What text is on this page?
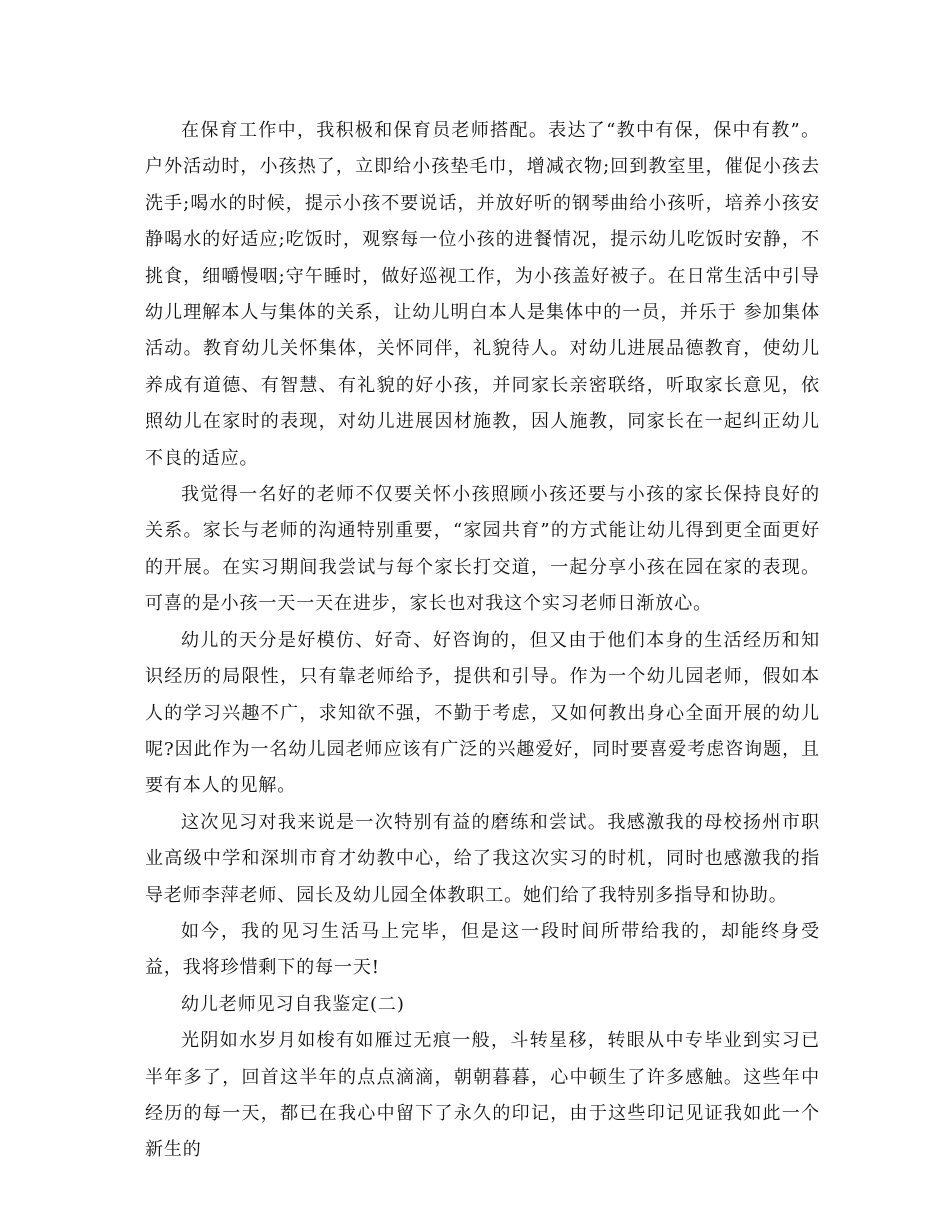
在保育工作中，我积极和保育员老师搭配。表达了“教中有保，保中有教”。户外活动时，小孩热了，立即给小孩垫毛巾，增减衣物;回到教室里，催促小孩去洗手;喝水的时候，提示小孩不要说话，并放好听的钢琴曲给小孩听，培养小孩安静喝水的好适应;吃饭时，观察每一位小孩的进餐情况，提示幼儿吃饭时安静，不挑食，细嚼慢咽;守午睡时，做好巡视工作，为小孩盖好被子。在日常生活中引导幼儿理解本人与集体的关系，让幼儿明白本人是集体中的一员，并乐于 参加集体活动。教育幼儿关怀集体，关怀同伴，礼貌待人。对幼儿进展品德教育，使幼儿养成有道德、有智慧、有礼貌的好小孩，并同家长亲密联络，听取家长意见，依照幼儿在家时的表现，对幼儿进展因材施教，因人施教，同家长在一起纠正幼儿不良的适应。

我觉得一名好的老师不仅要关怀小孩照顾小孩还要与小孩的家长保持良好的关系。家长与老师的沟通特别重要，“家园共育”的方式能让幼儿得到更全面更好的开展。在实习期间我尝试与每个家长打交道，一起分享小孩在园在家的表现。可喜的是小孩一天一天在进步，家长也对我这个实习老师日渐放心。

幼儿的天分是好模仿、好奇、好咨询的，但又由于他们本身的生活经历和知识经历的局限性，只有靠老师给予，提供和引导。作为一个幼儿园老师，假如本人的学习兴趣不广，求知欲不强，不勤于考虑，又如何教出身心全面开展的幼儿呢?因此作为一名幼儿园老师应该有广泛的兴趣爱好，同时要喜爱考虑咨询题，且要有本人的见解。

这次见习对我来说是一次特别有益的磨练和尝试。我感激我的母校扬州市职业高级中学和深圳市育才幼教中心，给了我这次实习的时机，同时也感激我的指导老师李萍老师、园长及幼儿园全体教职工。她们给了我特别多指导和协助。

如今，我的见习生活马上完毕，但是这一段时间所带给我的，却能终身受益，我将珍惜剩下的每一天!

幼儿老师见习自我鉴定(二)

光阴如水岁月如梭有如雁过无痕一般，斗转星移，转眼从中专毕业到实习已半年多了，回首这半年的点点滴滴，朝朝暮暮，心中顿生了许多感触。这些年中经历的每一天，都已在我心中留下了永久的印记，由于这些印记见证我如此一个新生的
